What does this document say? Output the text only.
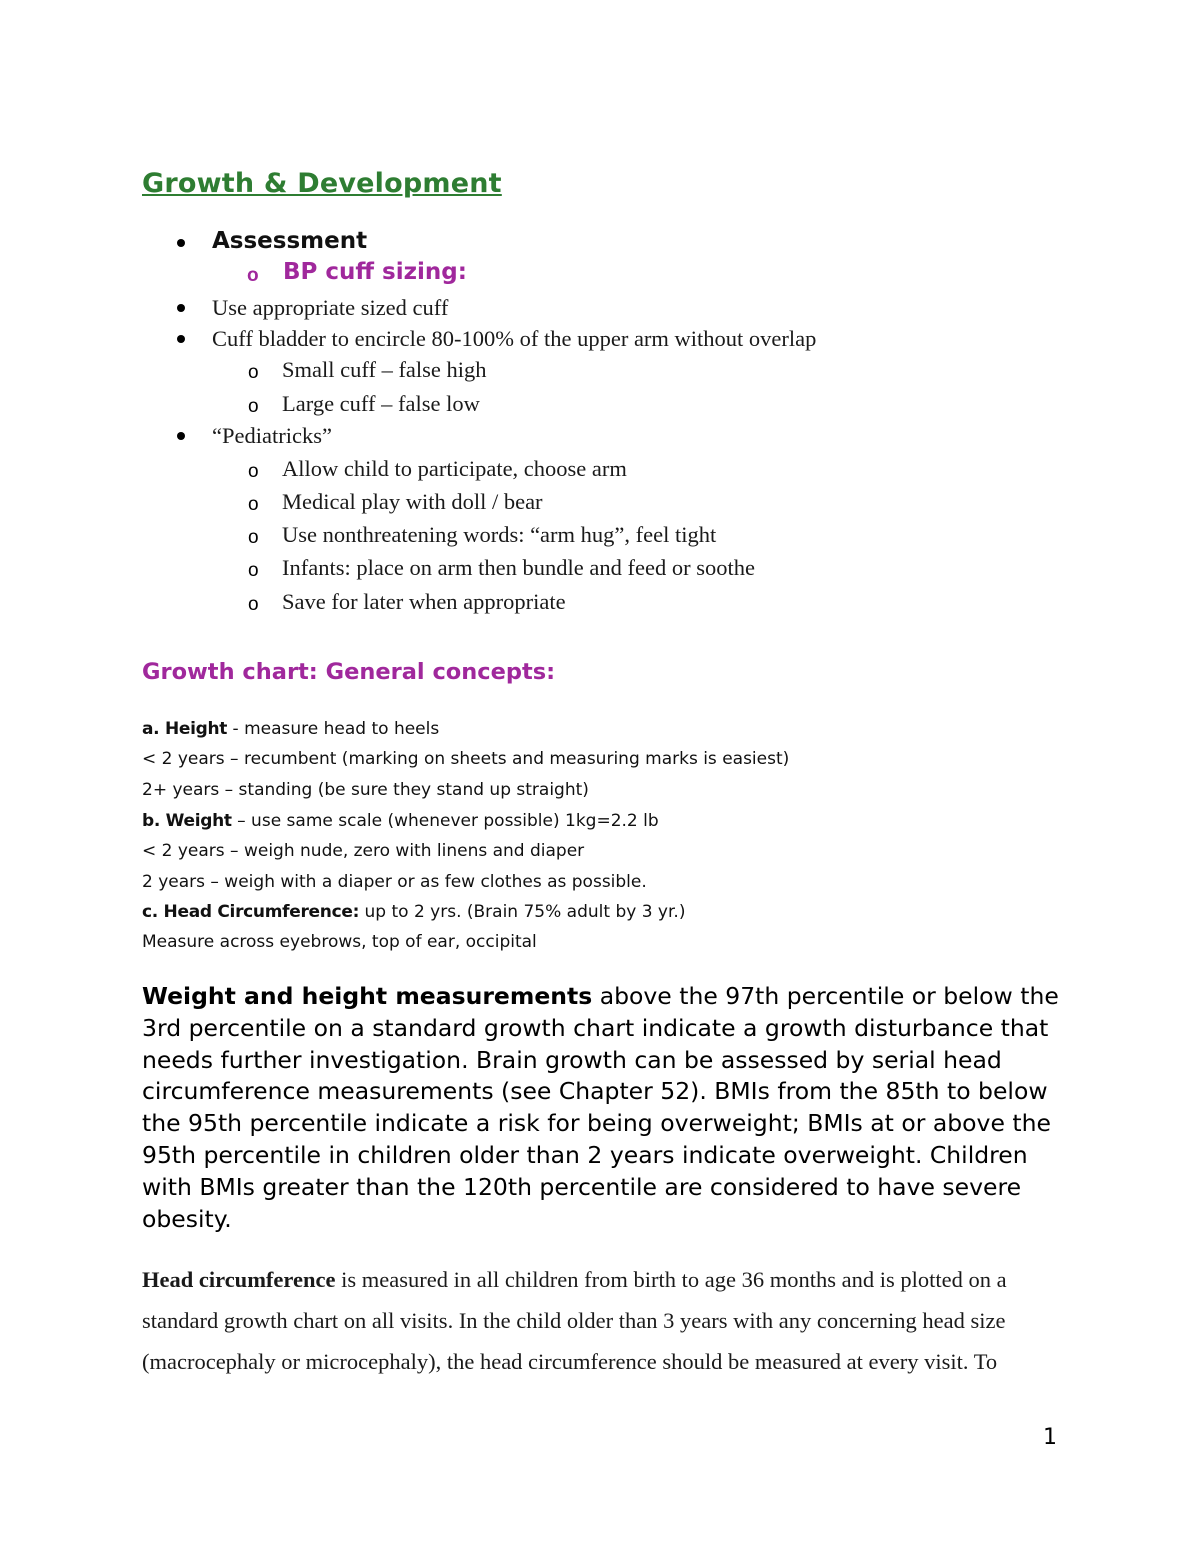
Growth & Development
Assessment
o BP cuff sizing:
Use appropriate sized cuff
Cuff bladder to encircle 80-100% of the upper arm without overlap
o Small cuff – false high
o Large cuff – false low
“Pediatricks”
o Allow child to participate, choose arm
o Medical play with doll / bear
o Use nonthreatening words: “arm hug”, feel tight
o Infants: place on arm then bundle and feed or soothe
o Save for later when appropriate
Growth chart: General concepts:
a. Height - measure head to heels
< 2 years – recumbent (marking on sheets and measuring marks is easiest)
2+ years – standing (be sure they stand up straight)
b. Weight – use same scale (whenever possible) 1kg=2.2 lb
< 2 years – weigh nude, zero with linens and diaper
2 years – weigh with a diaper or as few clothes as possible.
c. Head Circumference: up to 2 yrs. (Brain 75% adult by 3 yr.)
Measure across eyebrows, top of ear, occipital

Weight and height measurements above the 97th percentile or below the 3rd percentile on a standard growth chart indicate a growth disturbance that needs further investigation. Brain growth can be assessed by serial head circumference measurements (see Chapter 52). BMIs from the 85th to below the 95th percentile indicate a risk for being overweight; BMIs at or above the 95th percentile in children older than 2 years indicate overweight. Children with BMIs greater than the 120th percentile are considered to have severe obesity.

Head circumference is measured in all children from birth to age 36 months and is plotted on a standard growth chart on all visits. In the child older than 3 years with any concerning head size (macrocephaly or microcephaly), the head circumference should be measured at every visit. To

1
